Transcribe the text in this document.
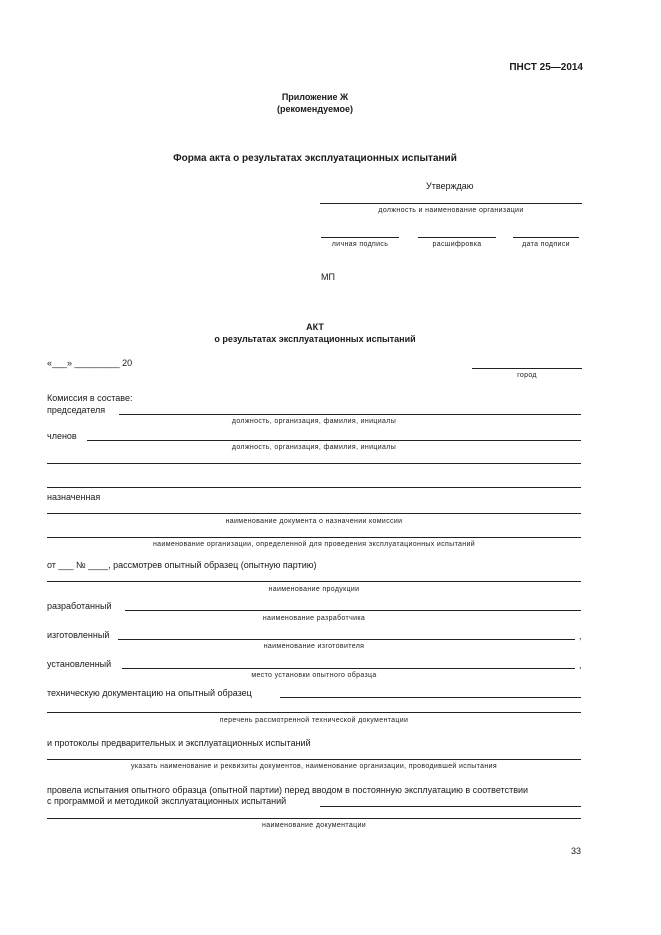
ПНСТ 25—2014
Приложение Ж
(рекомендуемое)
Форма акта о результатах эксплуатационных испытаний
Утверждаю
должность и наименование организации
личная подпись	расшифровка	дата подписи
МП
АКТ
о результатах эксплуатационных испытаний
«___» _________ 20
город
Комиссия в составе:
председателя
должность, организация, фамилия, инициалы
членов
должность, организация, фамилия, инициалы
назначенная
наименование документа о назначении комиссии
наименование организации, определенной для проведения эксплуатационных испытаний
от ___ № ____, рассмотрев опытный образец (опытную партию)
наименование продукции
разработанный
наименование разработчика
изготовленный	,
наименование изготовителя
установленный	,
место установки опытного образца
техническую документацию на опытный образец
перечень рассмотренной технической документации
и протоколы предварительных и эксплуатационных испытаний
указать наименование и реквизиты документов, наименование организации, проводившей испытания
провела испытания опытного образца (опытной партии) перед вводом в постоянную эксплуатацию в соответствии
с программой и методикой эксплуатационных испытаний
наименование документации
33
